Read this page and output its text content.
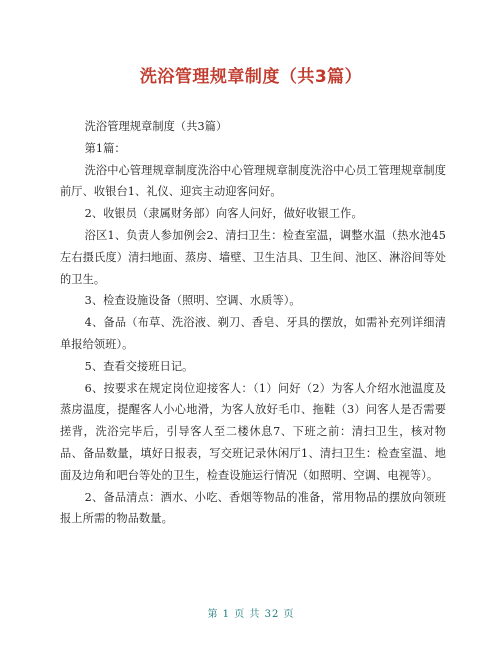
洗浴管理规章制度（共3篇）

洗浴管理规章制度（共3篇）

第1篇：

洗浴中心管理规章制度洗浴中心管理规章制度洗浴中心员工管理规章制度前厅、收银台1、礼仪、迎宾主动迎客问好。

2、收银员（隶属财务部）向客人问好，做好收银工作。

浴区1、负责人参加例会2、清扫卫生：检查室温，调整水温（热水池45左右摄氏度）清扫地面、蒸房、墙壁、卫生洁具、卫生间、池区、淋浴间等处的卫生。

3、检查设施设备（照明、空调、水质等）。

4、备品（布草、洗浴液、剃刀、香皂、牙具的摆放，如需补充列详细清单报给领班）。

5、查看交接班日记。

6、按要求在规定岗位迎接客人：（1）问好（2）为客人介绍水池温度及蒸房温度，提醒客人小心地滑，为客人放好毛巾、拖鞋（3）问客人是否需要搓背，洗浴完毕后，引导客人至二楼休息7、下班之前：清扫卫生，核对物品、备品数量，填好日报表，写交班记录休闲厅1、清扫卫生：检查室温、地面及边角和吧台等处的卫生，检查设施运行情况（如照明、空调、电视等）。

2、备品清点：酒水、小吃、香烟等物品的准备，常用物品的摆放向领班报上所需的物品数量。

第 1 页 共 32 页
